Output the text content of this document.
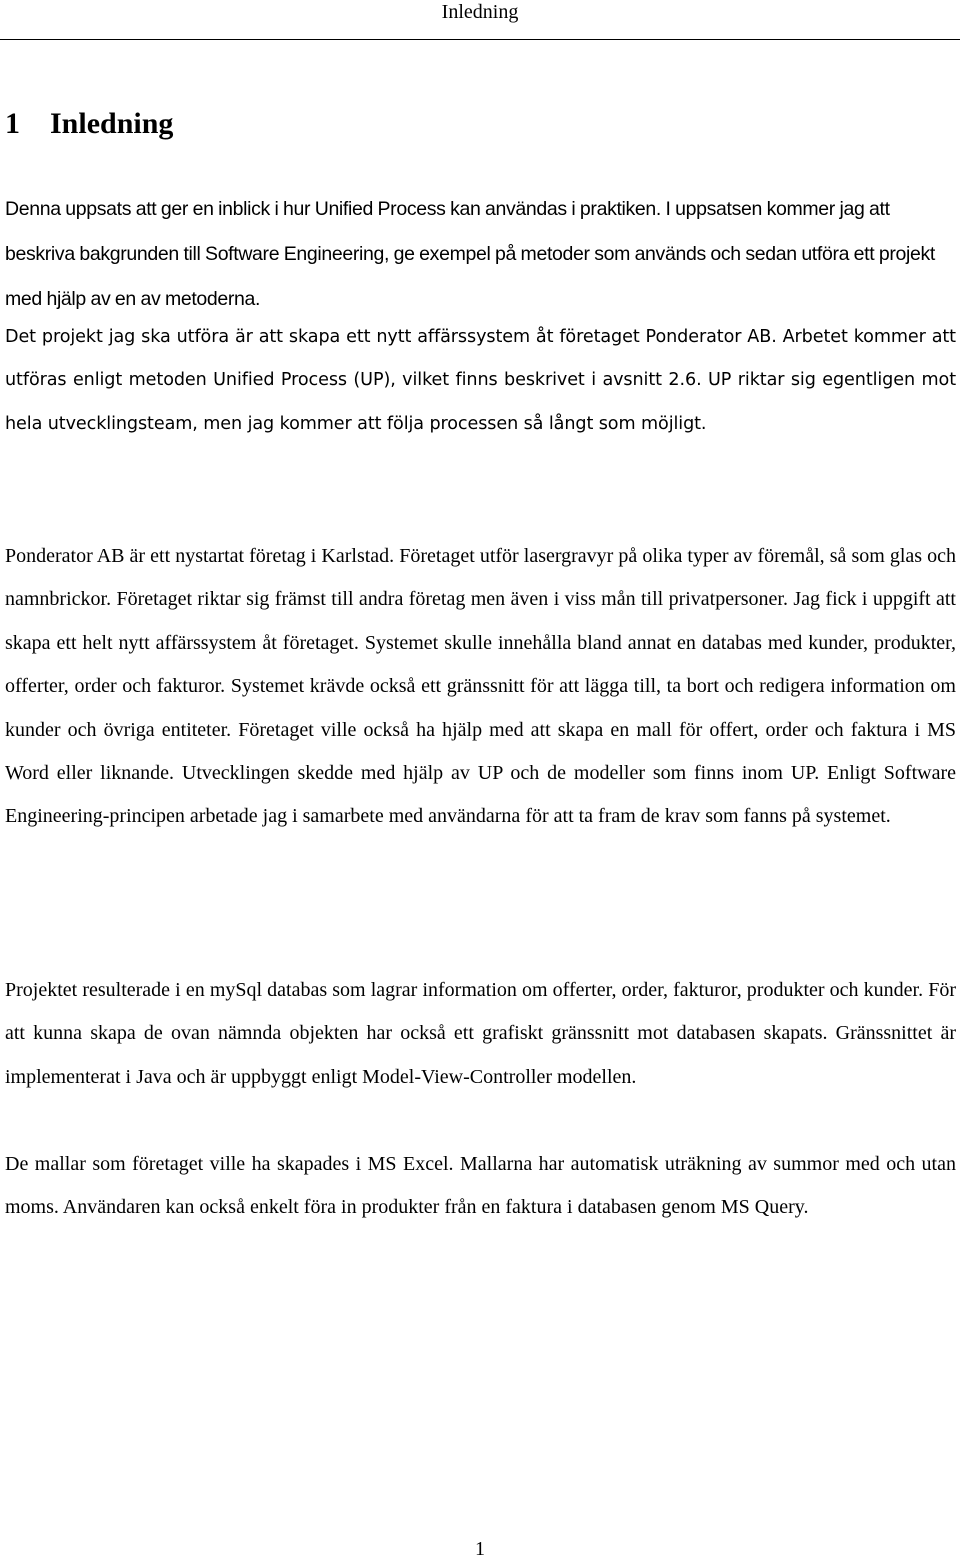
Inledning
1 Inledning

Denna uppsats att ger en inblick i hur Unified Process kan användas i praktiken. I uppsatsen kommer jag att beskriva bakgrunden till Software Engineering, ge exempel på metoder som används och sedan utföra ett projekt med hjälp av en av metoderna.

Det projekt jag ska utföra är att skapa ett nytt affärssystem åt företaget Ponderator AB. Arbetet kommer att utföras enligt metoden Unified Process (UP), vilket finns beskrivet i avsnitt 2.6. UP riktar sig egentligen mot hela utvecklingsteam, men jag kommer att följa processen så långt som möjligt.

Ponderator AB är ett nystartat företag i Karlstad. Företaget utför lasergravyr på olika typer av föremål, så som glas och namnbrickor. Företaget riktar sig främst till andra företag men även i viss mån till privatpersoner. Jag fick i uppgift att skapa ett helt nytt affärssystem åt företaget. Systemet skulle innehålla bland annat en databas med kunder, produkter, offerter, order och fakturor. Systemet krävde också ett gränssnitt för att lägga till, ta bort och redigera information om kunder och övriga entiteter. Företaget ville också ha hjälp med att skapa en mall för offert, order och faktura i MS Word eller liknande. Utvecklingen skedde med hjälp av UP och de modeller som finns inom UP. Enligt Software Engineering-principen arbetade jag i samarbete med användarna för att ta fram de krav som fanns på systemet.

Projektet resulterade i en mySql databas som lagrar information om offerter, order, fakturor, produkter och kunder. För att kunna skapa de ovan nämnda objekten har också ett grafiskt gränssnitt mot databasen skapats. Gränssnittet är implementerat i Java och är uppbyggt enligt Model-View-Controller modellen.

De mallar som företaget ville ha skapades i MS Excel. Mallarna har automatisk uträkning av summor med och utan moms. Användaren kan också enkelt föra in produkter från en faktura i databasen genom MS Query.

1
